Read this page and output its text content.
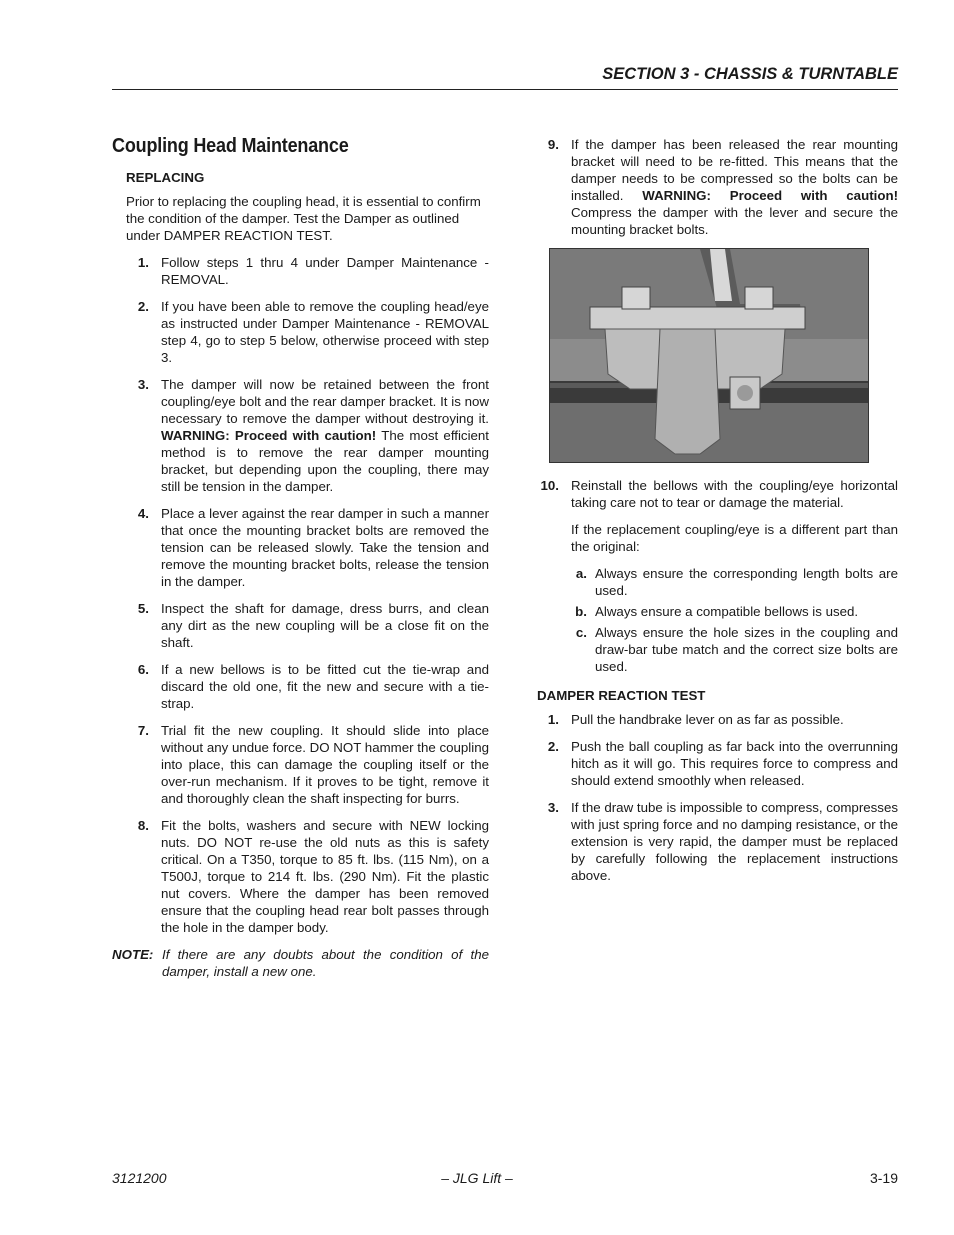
SECTION 3 - CHASSIS & TURNTABLE
Coupling Head Maintenance
REPLACING

Prior to replacing the coupling head, it is essential to confirm the condition of the damper. Test the Damper as outlined under DAMPER REACTION TEST.

1. Follow steps 1 thru 4 under Damper Maintenance - REMOVAL.
2. If you have been able to remove the coupling head/eye as instructed under Damper Maintenance - REMOVAL step 4, go to step 5 below, otherwise proceed with step 3.
3. The damper will now be retained between the front coupling/eye bolt and the rear damper bracket. It is now necessary to remove the damper without destroying it. WARNING: Proceed with caution! The most efficient method is to remove the rear damper mounting bracket, but depending upon the coupling, there may still be tension in the damper.
4. Place a lever against the rear damper in such a manner that once the mounting bracket bolts are removed the tension can be released slowly. Take the tension and remove the mounting bracket bolts, release the tension in the damper.
5. Inspect the shaft for damage, dress burrs, and clean any dirt as the new coupling will be a close fit on the shaft.
6. If a new bellows is to be fitted cut the tie-wrap and discard the old one, fit the new and secure with a tie-strap.
7. Trial fit the new coupling. It should slide into place without any undue force. DO NOT hammer the coupling into place, this can damage the coupling itself or the over-run mechanism. If it proves to be tight, remove it and thoroughly clean the shaft inspecting for burrs.
8. Fit the bolts, washers and secure with NEW locking nuts. DO NOT re-use the old nuts as this is safety critical. On a T350, torque to 85 ft. lbs. (115 Nm), on a T500J, torque to 214 ft. lbs. (290 Nm). Fit the plastic nut covers. Where the damper has been removed ensure that the coupling head rear bolt passes through the hole in the damper body.
NOTE: If there are any doubts about the condition of the damper, install a new one.
9. If the damper has been released the rear mounting bracket will need to be re-fitted. This means that the damper needs to be compressed so the bolts can be installed. WARNING: Proceed with caution! Compress the damper with the lever and secure the mounting bracket bolts.
10. Reinstall the bellows with the coupling/eye horizontal taking care not to tear or damage the material.

If the replacement coupling/eye is a different part than the original:

a. Always ensure the corresponding length bolts are used.
b. Always ensure a compatible bellows is used.
c. Always ensure the hole sizes in the coupling and draw-bar tube match and the correct size bolts are used.
DAMPER REACTION TEST
1. Pull the handbrake lever on as far as possible.
2. Push the ball coupling as far back into the overrunning hitch as it will go. This requires force to compress and should extend smoothly when released.
3. If the draw tube is impossible to compress, compresses with just spring force and no damping resistance, or the extension is very rapid, the damper must be replaced by carefully following the replacement instructions above.
3121200	– JLG Lift –	3-19
